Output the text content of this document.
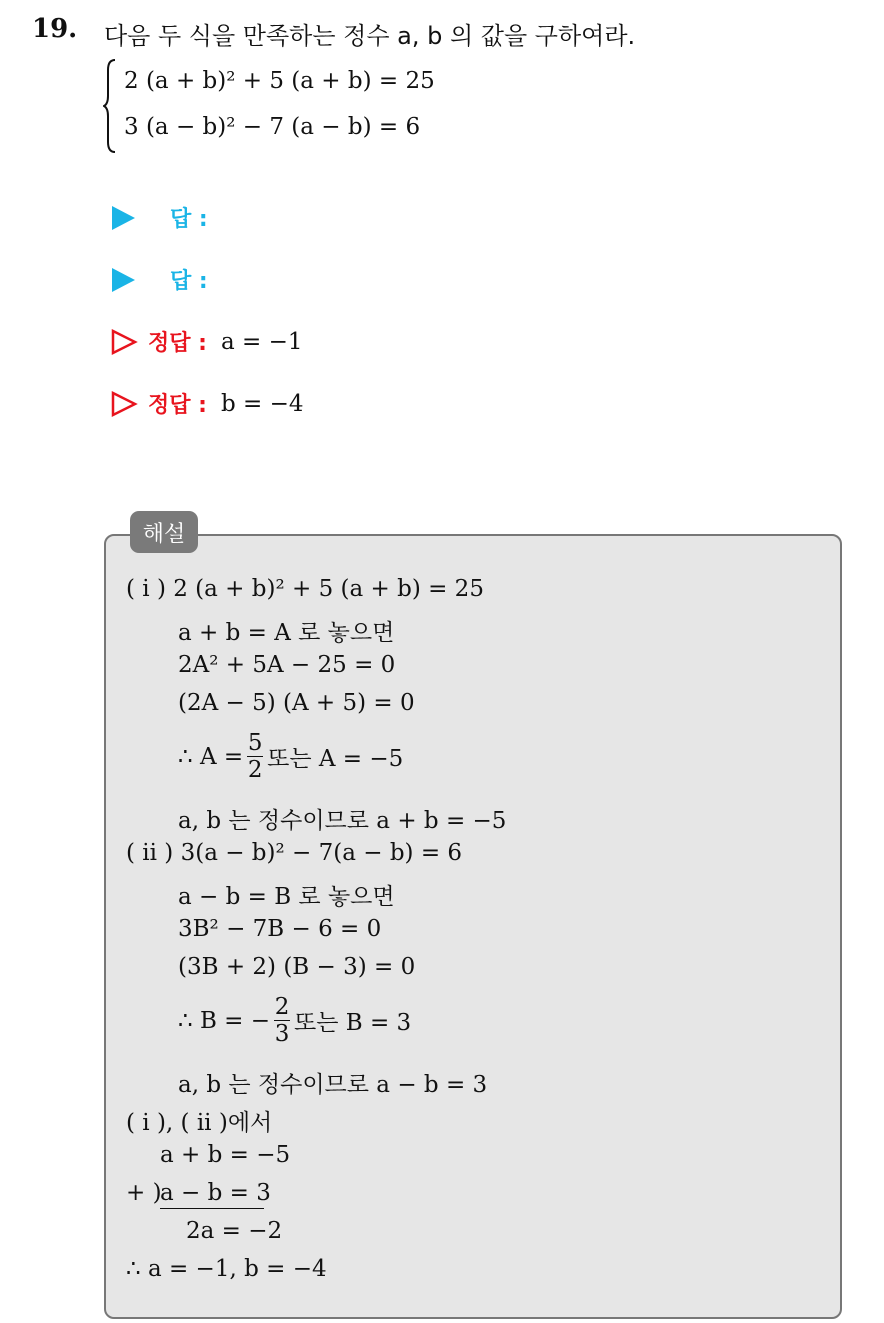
19. 다음 두 식을 만족하는 정수 a, b 의 값을 구하여라.
2 (a + b)² + 5 (a + b) = 25
3 (a − b)² − 7 (a − b) = 6
답 :
답 :
정답 : a = −1
정답 : b = −4
해설
( i ) 2 (a + b)² + 5 (a + b) = 25
a + b = A 로 놓으면
2A² + 5A − 25 = 0
(2A − 5) (A + 5) = 0
∴ $A = \frac{5}{2}$ 또는 A = −5
a, b 는 정수이므로 a + b = −5
( ii ) 3(a − b)² − 7(a − b) = 6
a − b = B 로 놓으면
3B² − 7B − 6 = 0
(3B + 2) (B − 3) = 0
∴ B = − $\frac{2}{3}$ 또는 B = 3
a, b 는 정수이므로 a − b = 3
( i ), ( ii )에서
a + b = −5
+ )
a − b = 3
2a = −2
∴ a = −1, b = −4
